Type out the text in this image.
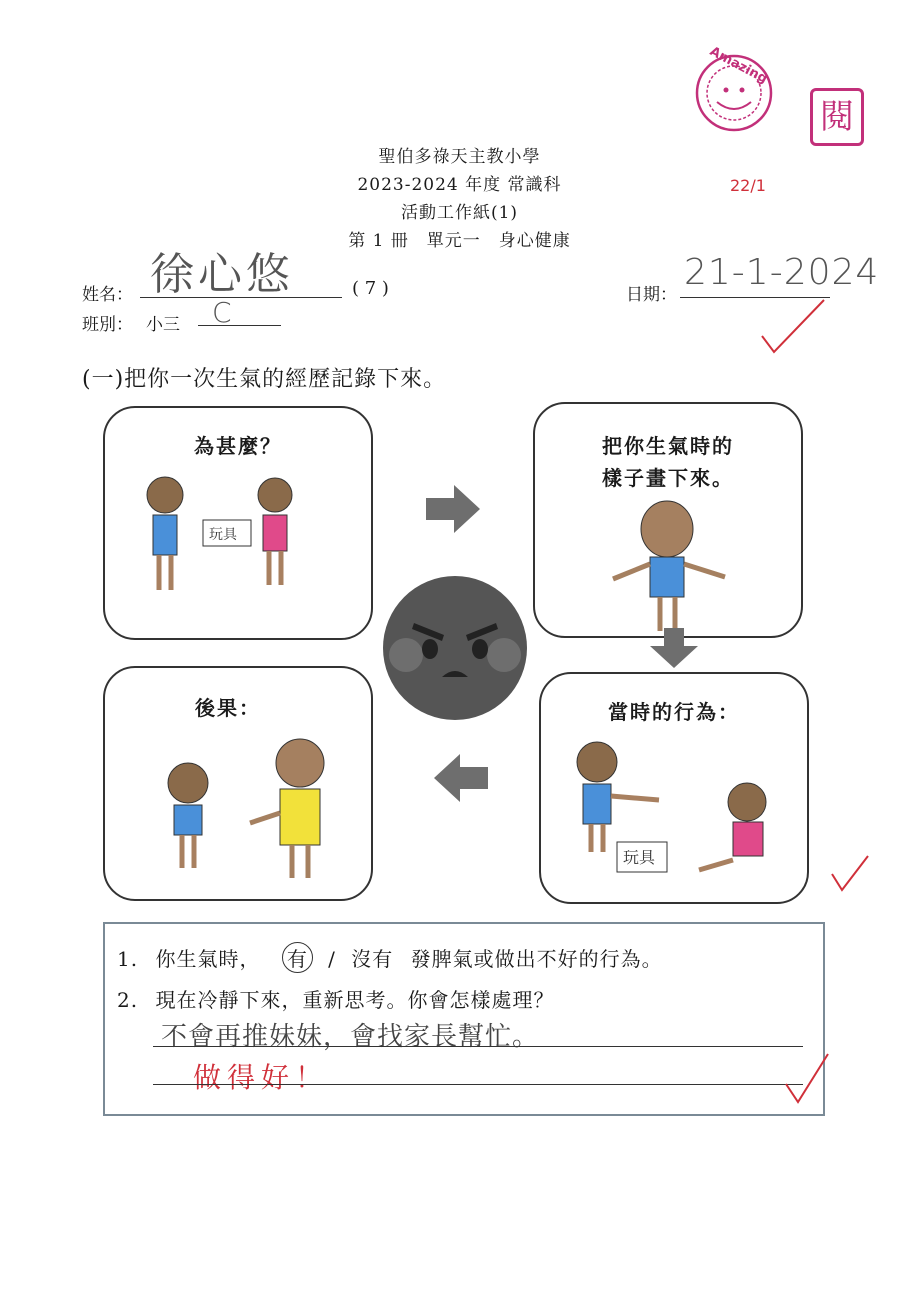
Amazing
閱
22/1
聖伯多祿天主教小學
2023-2024 年度 常識科
活動工作紙(1)
第 1 冊　單元一　身心健康
姓名： 徐心悠	( 7 )
班別： 小三 C
日期：
21-1-2024
(一)把你一次生氣的經歷記錄下來。
為甚麼？
玩具
把你生氣時的
樣子畫下來。
後果：	當時的行為：
玩具
1. 你生氣時， 有 / 沒有 發脾氣或做出不好的行為。
2. 現在冷靜下來，重新思考。你會怎樣處理？
不會再推妹妹，會找家長幫忙。
做得好！
